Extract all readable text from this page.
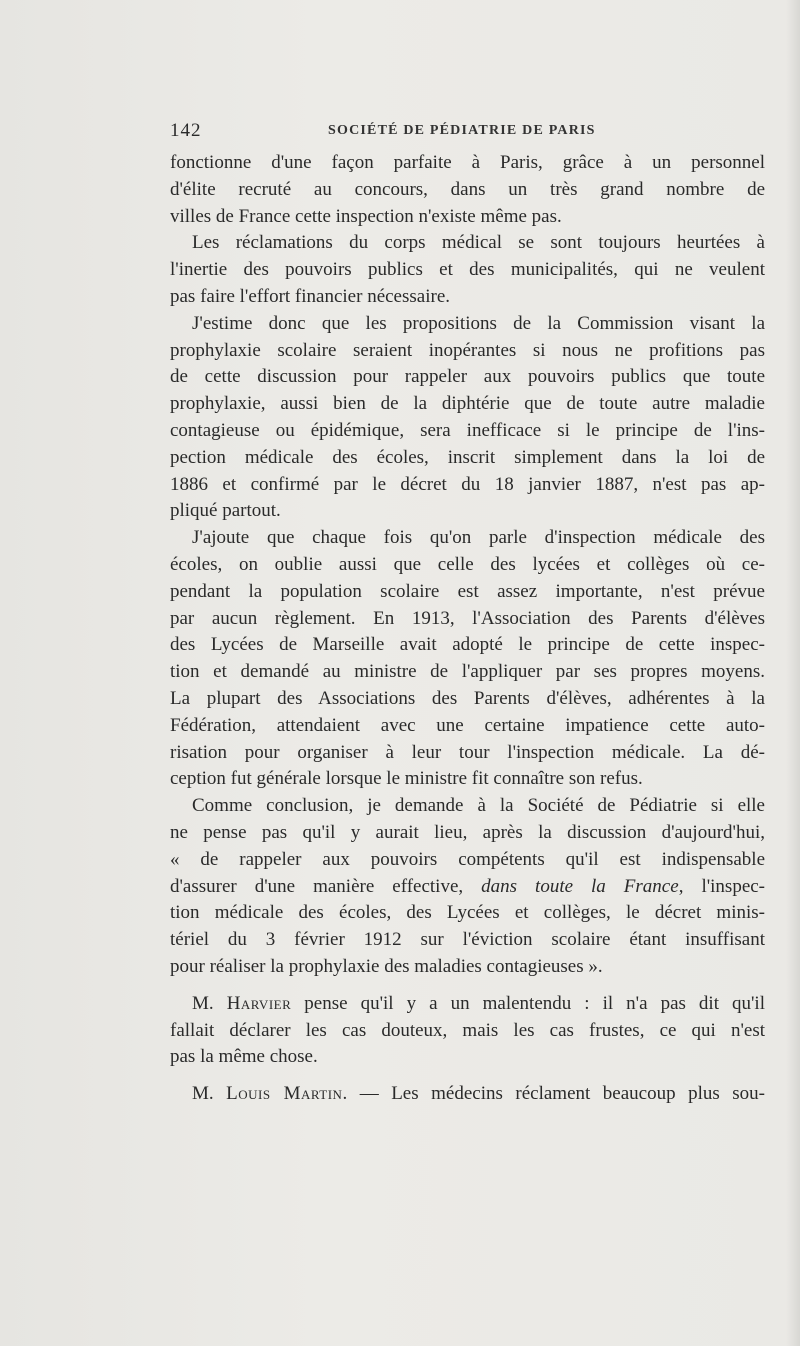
142	SOCIÉTÉ DE PÉDIATRIE DE PARIS

fonctionne d'une façon parfaite à Paris, grâce à un personnel
d'élite recruté au concours, dans un très grand nombre de
villes de France cette inspection n'existe même pas.

Les réclamations du corps médical se sont toujours heurtées à
l'inertie des pouvoirs publics et des municipalités, qui ne veulent
pas faire l'effort financier nécessaire.

J'estime donc que les propositions de la Commission visant la
prophylaxie scolaire seraient inopérantes si nous ne profitions pas
de cette discussion pour rappeler aux pouvoirs publics que toute
prophylaxie, aussi bien de la diphtérie que de toute autre maladie
contagieuse ou épidémique, sera inefficace si le principe de l'ins-
pection médicale des écoles, inscrit simplement dans la loi de
1886 et confirmé par le décret du 18 janvier 1887, n'est pas ap-
pliqué partout.

J'ajoute que chaque fois qu'on parle d'inspection médicale des
écoles, on oublie aussi que celle des lycées et collèges où ce-
pendant la population scolaire est assez importante, n'est prévue
par aucun règlement. En 1913, l'Association des Parents d'élèves
des Lycées de Marseille avait adopté le principe de cette inspec-
tion et demandé au ministre de l'appliquer par ses propres moyens.
La plupart des Associations des Parents d'élèves, adhérentes à la
Fédération, attendaient avec une certaine impatience cette auto-
risation pour organiser à leur tour l'inspection médicale. La dé-
ception fut générale lorsque le ministre fit connaître son refus.

Comme conclusion, je demande à la Société de Pédiatrie si elle
ne pense pas qu'il y aurait lieu, après la discussion d'aujourd'hui,
« de rappeler aux pouvoirs compétents qu'il est indispensable
d'assurer d'une manière effective, dans toute la France, l'inspec-
tion médicale des écoles, des Lycées et collèges, le décret minis-
tériel du 3 février 1912 sur l'éviction scolaire étant insuffisant
pour réaliser la prophylaxie des maladies contagieuses ».

M. Harvier pense qu'il y a un malentendu : il n'a pas dit qu'il
fallait déclarer les cas douteux, mais les cas frustes, ce qui n'est
pas la même chose.

M. Louis Martin. — Les médecins réclament beaucoup plus sou-
